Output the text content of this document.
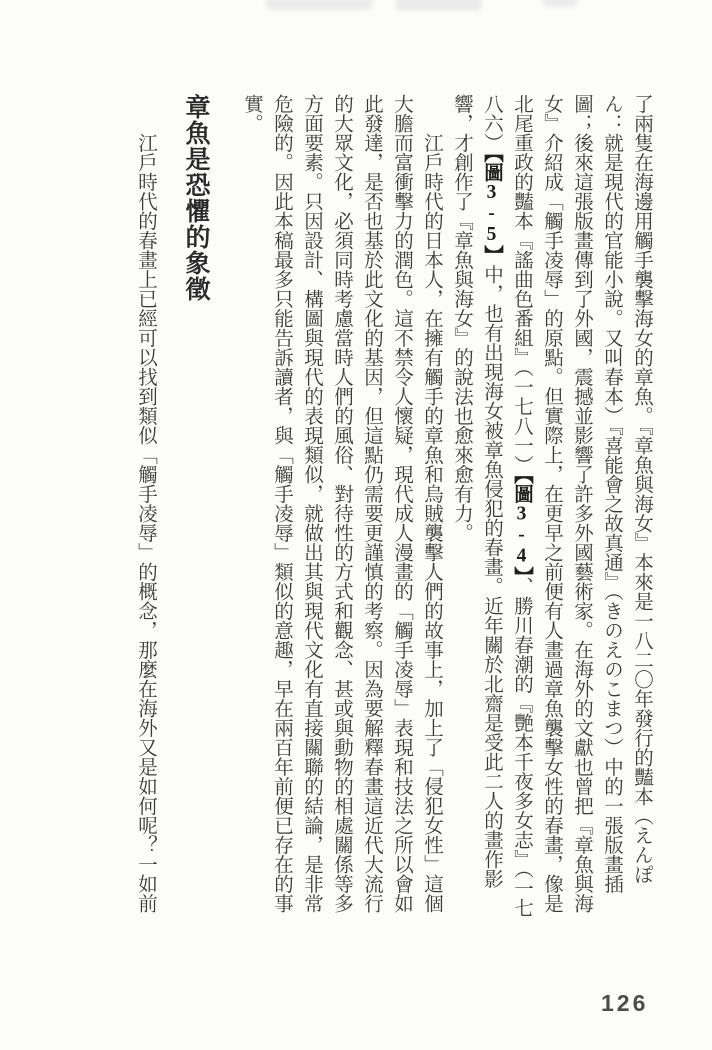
了兩隻在海邊用觸手襲擊海女的章魚。『章魚與海女』本來是一八二〇年發行的豔本（えんぽん：就是現代的官能小說。又叫春本）『喜能會之故真通』（きのえのこまつ）中的一張版畫插圖；後來這張版畫傳到了外國，震撼並影響了許多外國藝術家。在海外的文獻也曾把『章魚與海女』介紹成「觸手凌辱」的原點。但實際上，在更早之前便有人畫過章魚襲擊女性的春畫，像是北尾重政的豔本『謠曲色番組』（一七八一）【圖3-4】、勝川春潮的『艷本千夜多女志』（一七八六）【圖3-5】中，也有出現海女被章魚侵犯的春畫。近年關於北齋是受此二人的畫作影響，才創作了『章魚與海女』的說法也愈來愈有力。

江戶時代的日本人，在擁有觸手的章魚和烏賊襲擊人們的故事上，加上了「侵犯女性」這個大膽而富衝擊力的潤色。這不禁令人懷疑，現代成人漫畫的「觸手凌辱」表現和技法之所以會如此發達，是否也基於此文化的基因，但這點仍需要更謹慎的考察。因為要解釋春畫這近代大流行的大眾文化，必須同時考慮當時人們的風俗、對待性的方式和觀念、甚或與動物的相處關係等多方面要素。只因設計、構圖與現代的表現類似，就做出其與現代文化有直接關聯的結論，是非常危險的。因此本稿最多只能告訴讀者，與「觸手凌辱」類似的意趣，早在兩百年前便已存在的事實。

章魚是恐懼的象徵

江戶時代的春畫上已經可以找到類似「觸手凌辱」的概念，那麼在海外又是如何呢？一如前

126
